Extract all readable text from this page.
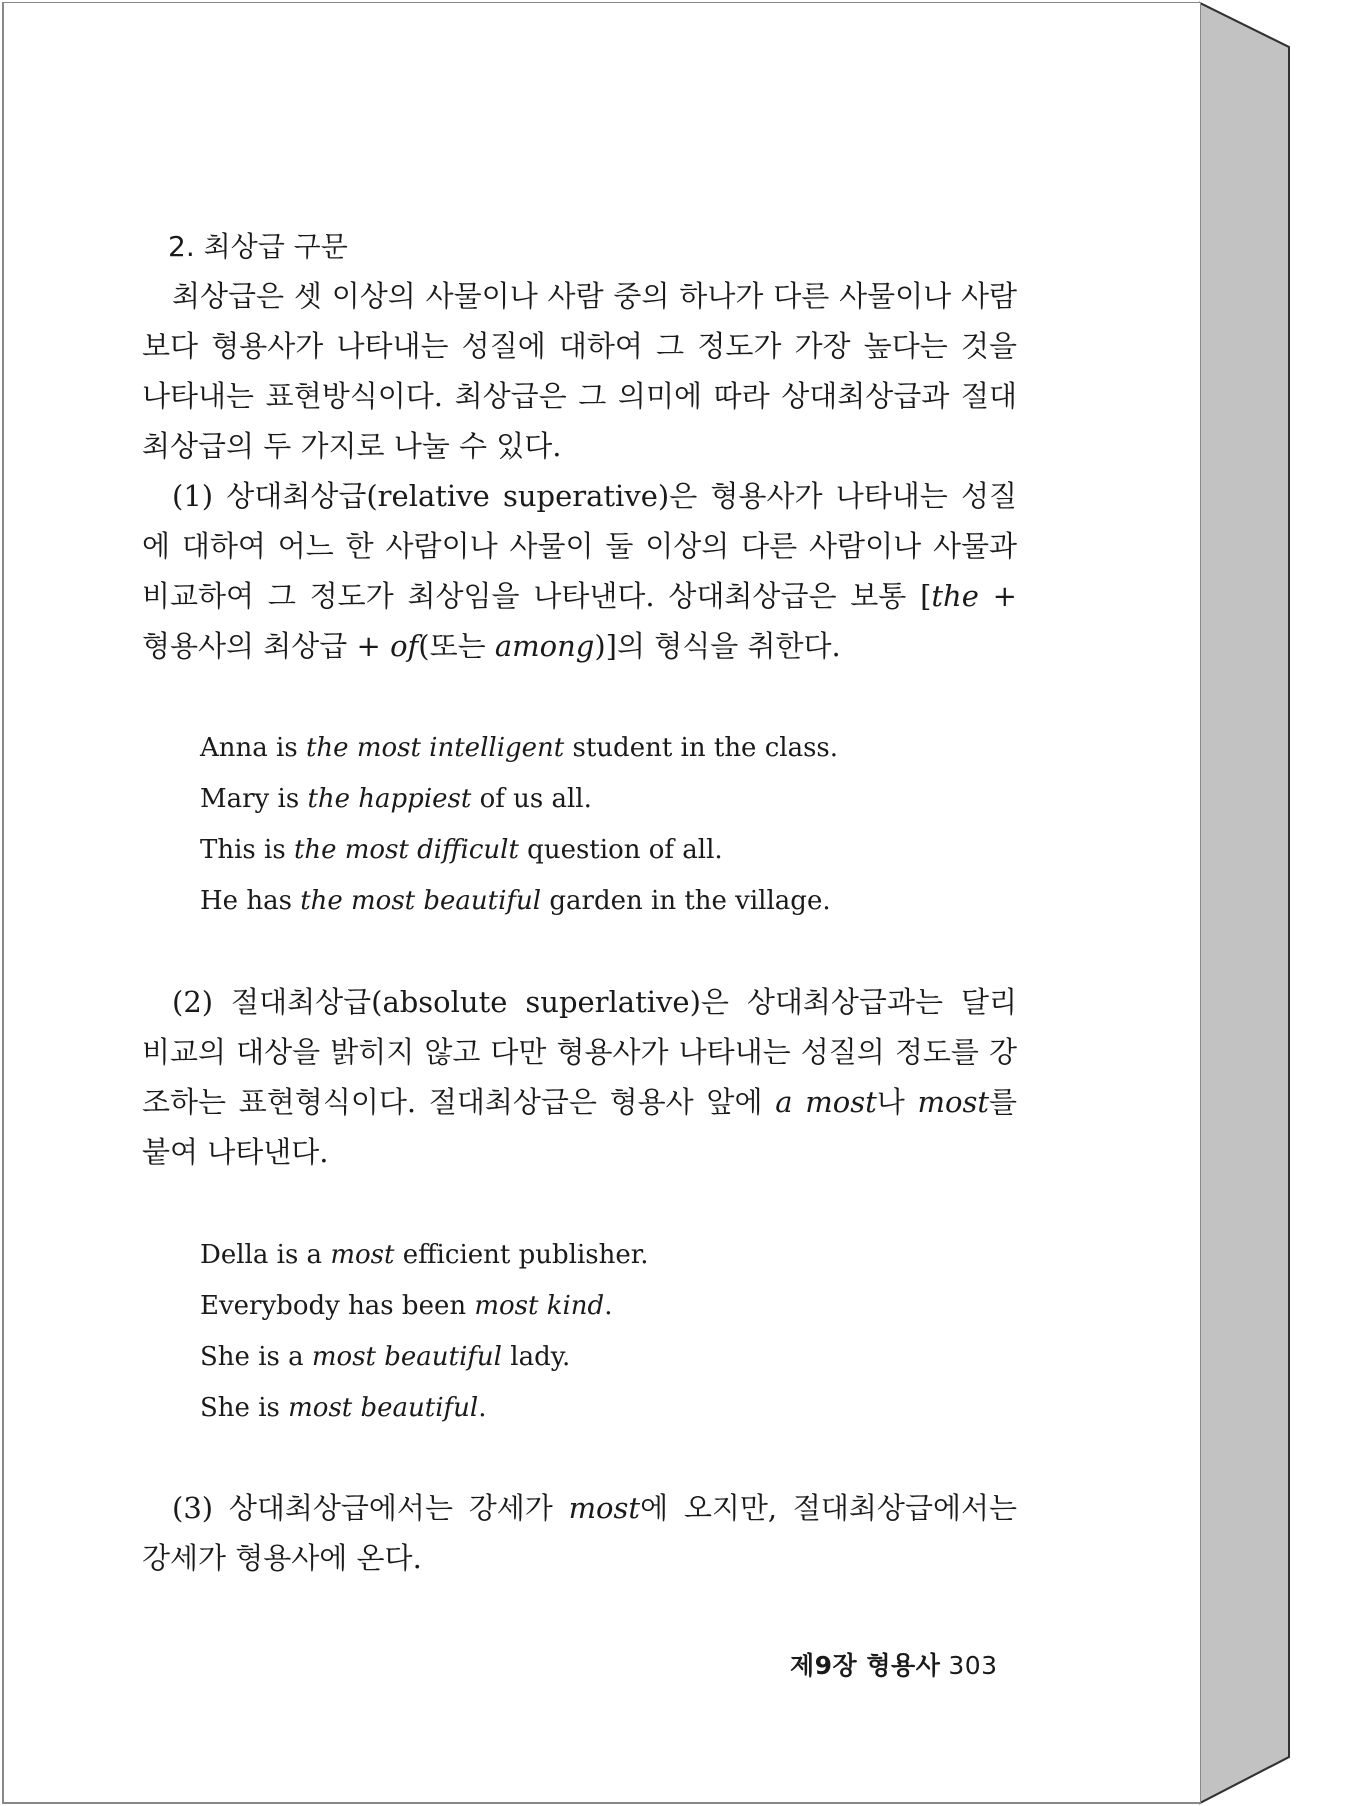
2. 최상급 구문

최상급은 셋 이상의 사물이나 사람 중의 하나가 다른 사물이나 사람보다 형용사가 나타내는 성질에 대하여 그 정도가 가장 높다는 것을 나타내는 표현방식이다. 최상급은 그 의미에 따라 상대최상급과 절대최상급의 두 가지로 나눌 수 있다.

(1) 상대최상급(relative superative)은 형용사가 나타내는 성질에 대하여 어느 한 사람이나 사물이 둘 이상의 다른 사람이나 사물과 비교하여 그 정도가 최상임을 나타낸다. 상대최상급은 보통 [the + 형용사의 최상급 + of(또는 among)]의 형식을 취한다.

Anna is the most intelligent student in the class.
Mary is the happiest of us all.
This is the most difficult question of all.
He has the most beautiful garden in the village.

(2) 절대최상급(absolute superlative)은 상대최상급과는 달리 비교의 대상을 밝히지 않고 다만 형용사가 나타내는 성질의 정도를 강조하는 표현형식이다. 절대최상급은 형용사 앞에 a most나 most를 붙여 나타낸다.

Della is a most efficient publisher.
Everybody has been most kind.
She is a most beautiful lady.
She is most beautiful.

(3) 상대최상급에서는 강세가 most에 오지만, 절대최상급에서는 강세가 형용사에 온다.

제9장 형용사 303
